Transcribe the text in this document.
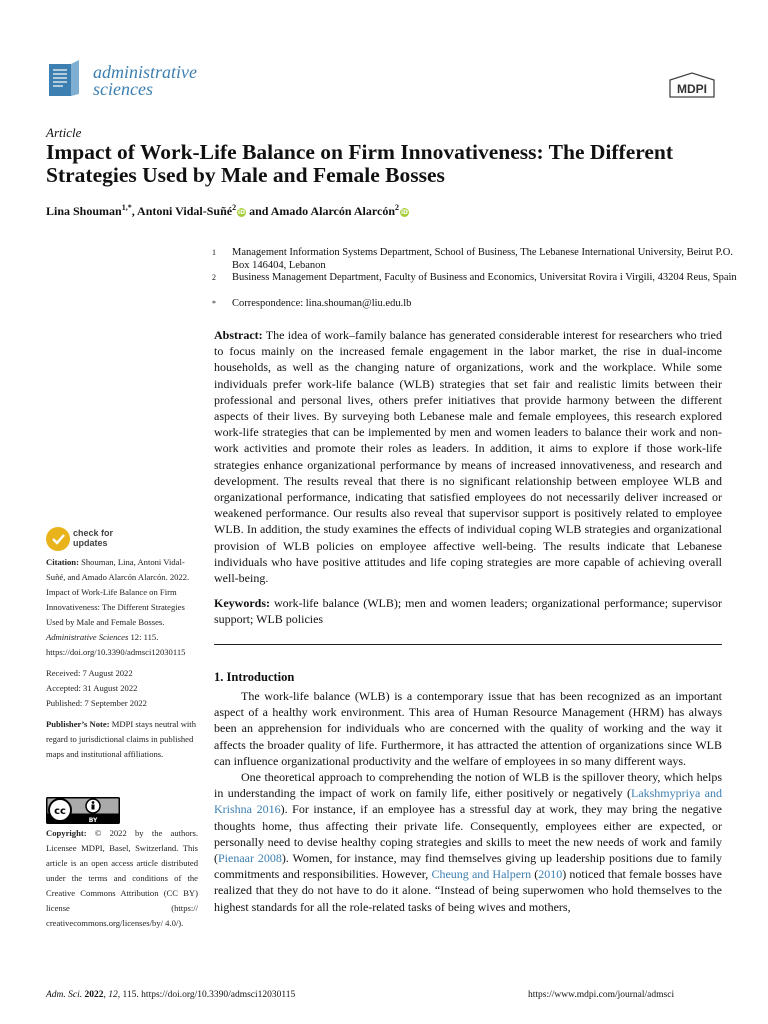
administrative
sciences	MDPI
Article
Impact of Work-Life Balance on Firm Innovativeness: The Different Strategies Used by Male and Female Bosses
Lina Shouman$^{1,*}$, Antoni Vidal-Suñé$^2$iD and Amado Alarcón Alarcón$^2$iD
1 Management Information Systems Department, School of Business, The Lebanese International University, Beirut P.O. Box 146404, Lebanon
2 Business Management Department, Faculty of Business and Economics, Universitat Rovira i Virgili, 43204 Reus, Spain
* Correspondence: lina.shouman@liu.edu.lb
Abstract: The idea of work–family balance has generated considerable interest for researchers who tried to focus mainly on the increased female engagement in the labor market, the rise in dual-income households, as well as the changing nature of organizations, work and the workplace. While some individuals prefer work-life balance (WLB) strategies that set fair and realistic limits between their professional and personal lives, others prefer initiatives that provide harmony between the different aspects of their lives. By surveying both Lebanese male and female employees, this research explored work-life strategies that can be implemented by men and women leaders to balance their work and non-work activities and promote their roles as leaders. In addition, it aims to explore if those work-life strategies enhance organizational performance by means of increased innovativeness, and research and development. The results reveal that there is no significant relationship between employee WLB and organizational performance, indicating that satisfied employees do not necessarily deliver increased or weakened performance. Our results also reveal that supervisor support is positively related to employee WLB. In addition, the study examines the effects of individual coping WLB strategies and organizational provision of WLB policies on employee affective well-being. The results indicate that Lebanese individuals who have positive attitudes and life coping strategies are more capable of achieving overall well-being.
Keywords: work-life balance (WLB); men and women leaders; organizational performance; supervisor support; WLB policies
1. Introduction

The work-life balance (WLB) is a contemporary issue that has been recognized as an important aspect of a healthy work environment. This area of Human Resource Management (HRM) has always been an apprehension for individuals who are concerned with the quality of working and the way it affects the broader quality of life. Furthermore, it has attracted the attention of organizations since WLB can influence organizational productivity and the welfare of employees in so many different ways.

One theoretical approach to comprehending the notion of WLB is the spillover theory, which helps in understanding the impact of work on family life, either positively or negatively (Lakshmypriya and Krishna 2016). For instance, if an employee has a stressful day at work, they may bring the negative thoughts home, thus affecting their private life. Consequently, employees either are expected, or personally need to devise healthy coping strategies and skills to meet the new needs of work and family (Pienaar 2008). Women, for instance, may find themselves giving up leadership positions due to family commitments and responsibilities. However, Cheung and Halpern (2010) noticed that female bosses have realized that they do not have to do it alone. “Instead of being superwomen who hold themselves to the highest standards for all the role-related tasks of being wives and mothers,

check for
updates

Citation: Shouman, Lina, Antoni Vidal-Suñé, and Amado Alarcón Alarcón. 2022. Impact of Work-Life Balance on Firm Innovativeness: The Different Strategies Used by Male and Female Bosses. Administrative Sciences 12: 115. https://doi.org/10.3390/admsci12030115

Received: 7 August 2022

Accepted: 31 August 2022

Published: 7 September 2022

Publisher’s Note: MDPI stays neutral with regard to jurisdictional claims in published maps and institutional affiliations.

cc
BY
Copyright: © 2022 by the authors. Licensee MDPI, Basel, Switzerland. This article is an open access article distributed under the terms and conditions of the Creative Commons Attribution (CC BY) license (https:// creativecommons.org/licenses/by/ 4.0/).
Adm. Sci. 2022, 12, 115. https://doi.org/10.3390/admsci12030115	https://www.mdpi.com/journal/admsci
